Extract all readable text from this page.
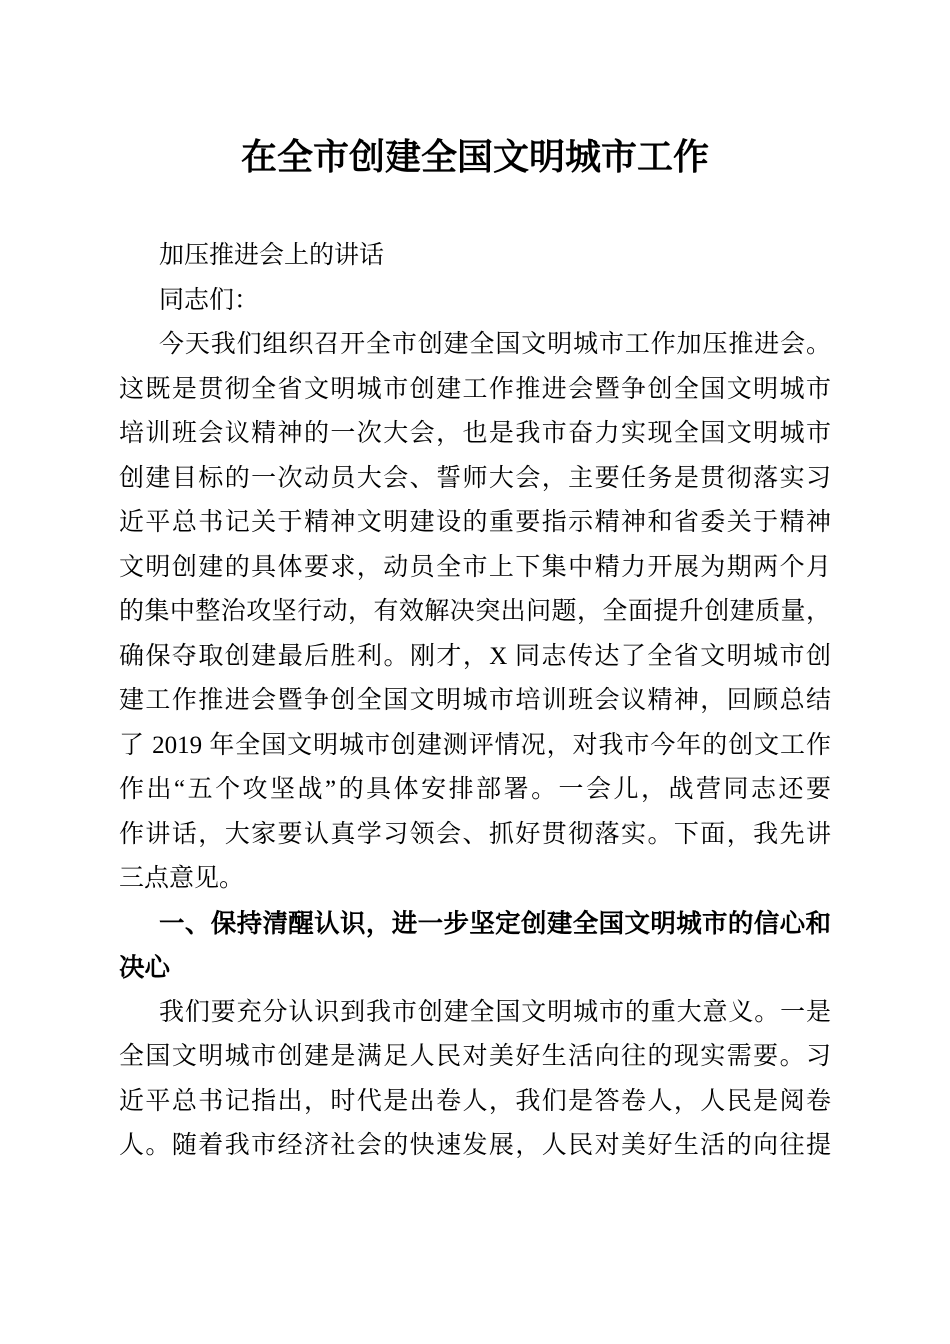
在全市创建全国文明城市工作
加压推进会上的讲话
同志们：
今天我们组织召开全市创建全国文明城市工作加压推进会。
这既是贯彻全省文明城市创建工作推进会暨争创全国文明城市
培训班会议精神的一次大会，也是我市奋力实现全国文明城市
创建目标的一次动员大会、誓师大会，主要任务是贯彻落实习
近平总书记关于精神文明建设的重要指示精神和省委关于精神
文明创建的具体要求，动员全市上下集中精力开展为期两个月
的集中整治攻坚行动，有效解决突出问题，全面提升创建质量，
确保夺取创建最后胜利。刚才，X 同志传达了全省文明城市创
建工作推进会暨争创全国文明城市培训班会议精神，回顾总结
了 2019 年全国文明城市创建测评情况，对我市今年的创文工作
作出“五个攻坚战”的具体安排部署。一会儿，战营同志还要
作讲话，大家要认真学习领会、抓好贯彻落实。下面，我先讲
三点意见。
一、保持清醒认识，进一步坚定创建全国文明城市的信心和
决心
我们要充分认识到我市创建全国文明城市的重大意义。一是
全国文明城市创建是满足人民对美好生活向往的现实需要。习
近平总书记指出，时代是出卷人，我们是答卷人，人民是阅卷
人。随着我市经济社会的快速发展，人民对美好生活的向往提
